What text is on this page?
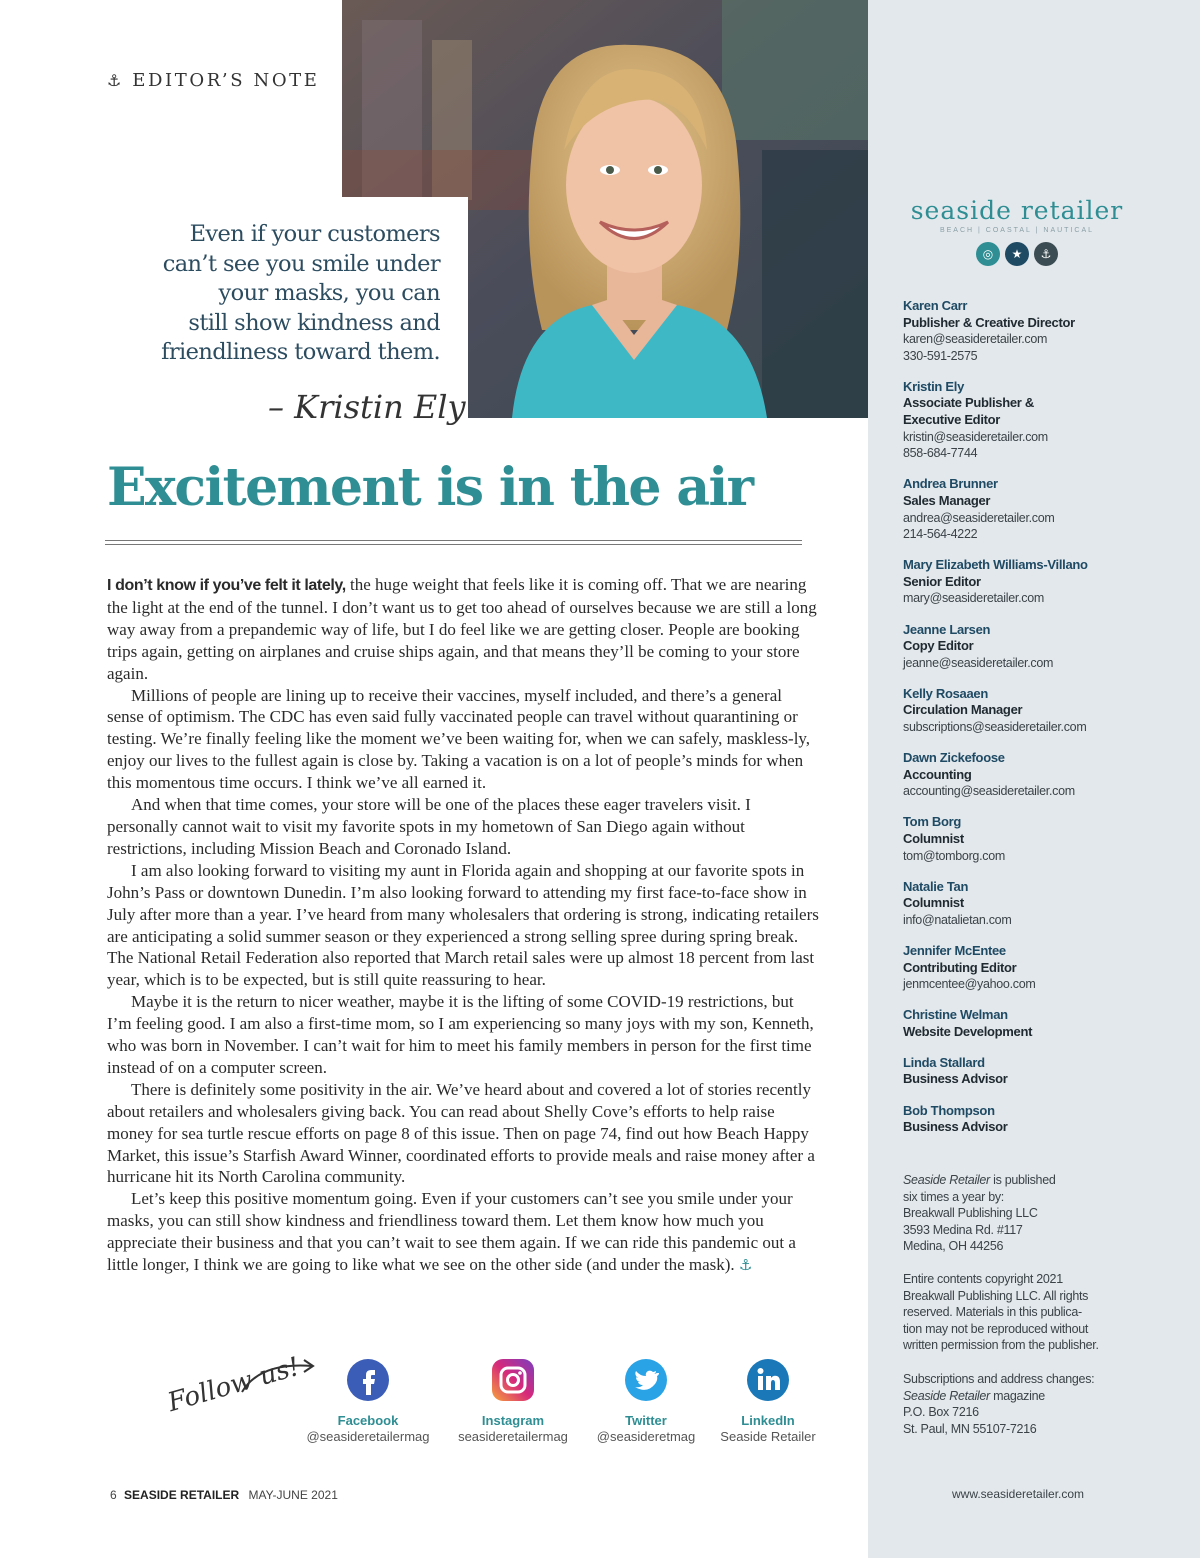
⚓ EDITOR’S NOTE
Even if your customers
can’t see you smile under
your masks, you can
still show kindness and
friendliness toward them.
– Kristin Ely
Excitement is in the air

I don’t know if you’ve felt it lately, the huge weight that feels like it is coming off. That we are nearing the light at the end of the tunnel. I don’t want us to get too ahead of ourselves because we are still a long way away from a prepandemic way of life, but I do feel like we are getting closer. People are booking trips again, getting on airplanes and cruise ships again, and that means they’ll be coming to your store again.

Millions of people are lining up to receive their vaccines, myself included, and there’s a general sense of optimism. The CDC has even said fully vaccinated people can travel without quarantining or testing. We’re finally feeling like the moment we’ve been waiting for, when we can safely, maskless-ly, enjoy our lives to the fullest again is close by. Taking a vacation is on a lot of people’s minds for when this momentous time occurs. I think we’ve all earned it.

And when that time comes, your store will be one of the places these eager travelers visit. I personally cannot wait to visit my favorite spots in my hometown of San Diego again without restrictions, including Mission Beach and Coronado Island.

I am also looking forward to visiting my aunt in Florida again and shopping at our favorite spots in John’s Pass or downtown Dunedin. I’m also looking forward to attending my first face-to-face show in July after more than a year. I’ve heard from many wholesalers that ordering is strong, indicating retailers are anticipating a solid summer season or they experienced a strong selling spree during spring break. The National Retail Federation also reported that March retail sales were up almost 18 percent from last year, which is to be expected, but is still quite reassuring to hear.

Maybe it is the return to nicer weather, maybe it is the lifting of some COVID-19 restrictions, but I’m feeling good. I am also a first-time mom, so I am experiencing so many joys with my son, Kenneth, who was born in November. I can’t wait for him to meet his family members in person for the first time instead of on a computer screen.

There is definitely some positivity in the air. We’ve heard about and covered a lot of stories recently about retailers and wholesalers giving back. You can read about Shelly Cove’s efforts to help raise money for sea turtle rescue efforts on page 8 of this issue. Then on page 74, find out how Beach Happy Market, this issue’s Starfish Award Winner, coordinated efforts to provide meals and raise money after a hurricane hit its North Carolina community.

Let’s keep this positive momentum going. Even if your customers can’t see you smile under your masks, you can still show kindness and friendliness toward them. Let them know how much you appreciate their business and that you can’t wait to see them again. If we can ride this pandemic out a little longer, I think we are going to like what we see on the other side (and under the mask). ⚓

Follow us!
Facebook
@seasideretailermag
Instagram
seasideretailermag
Twitter
@seasideretmag
LinkedIn
Seaside Retailer
6 SEASIDE RETAILER MAY-JUNE 2021
seaside retailer
BEACH | COASTAL | NAUTICAL
◎	★	⚓
Karen Carr
Publisher & Creative Director
karen@seasideretailer.com
330-591-2575
Kristin Ely
Associate Publisher &
Executive Editor
kristin@seasideretailer.com
858-684-7744
Andrea Brunner
Sales Manager
andrea@seasideretailer.com
214-564-4222
Mary Elizabeth Williams-Villano
Senior Editor
mary@seasideretailer.com
Jeanne Larsen
Copy Editor
jeanne@seasideretailer.com
Kelly Rosaaen
Circulation Manager
subscriptions@seasideretailer.com
Dawn Zickefoose
Accounting
accounting@seasideretailer.com
Tom Borg
Columnist
tom@tomborg.com
Natalie Tan
Columnist
info@natalietan.com
Jennifer McEntee
Contributing Editor
jenmcentee@yahoo.com
Christine Welman
Website Development
Linda Stallard
Business Advisor
Bob Thompson
Business Advisor
Seaside Retailer is published
six times a year by:
Breakwall Publishing LLC
3593 Medina Rd. #117
Medina, OH 44256
Entire contents copyright 2021
Breakwall Publishing LLC. All rights
reserved. Materials in this publica-
tion may not be reproduced without
written permission from the publisher.
Subscriptions and address changes:
Seaside Retailer magazine
P.O. Box 7216
St. Paul, MN 55107-7216
www.seasideretailer.com
